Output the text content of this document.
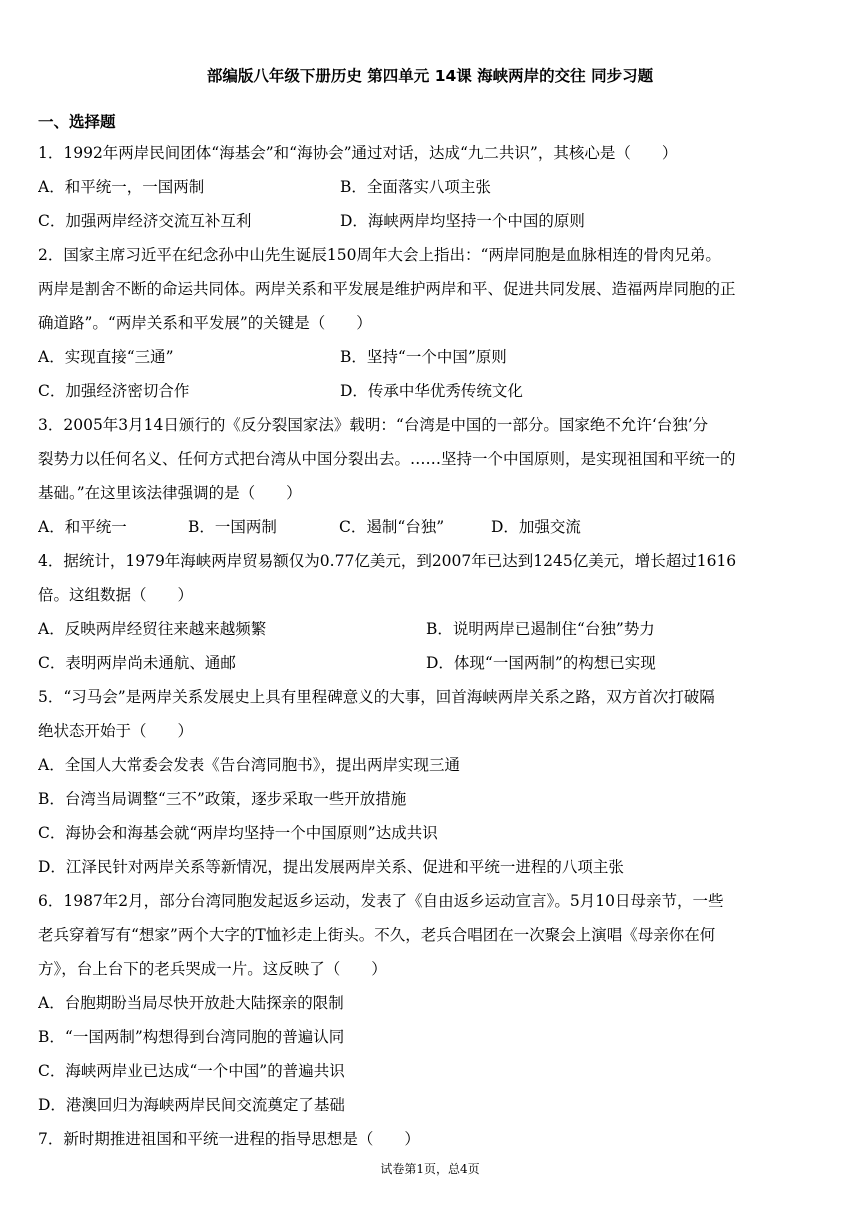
部编版八年级下册历史 第四单元 14课 海峡两岸的交往 同步习题
一、选择题
1．1992年两岸民间团体“海基会”和“海协会”通过对话，达成“九二共识”，其核心是（　　）
A．和平统一，一国两制	B．全面落实八项主张
C．加强两岸经济交流互补互利	D．海峡两岸均坚持一个中国的原则
2．国家主席习近平在纪念孙中山先生诞辰150周年大会上指出：“两岸同胞是血脉相连的骨肉兄弟。
两岸是割舍不断的命运共同体。两岸关系和平发展是维护两岸和平、促进共同发展、造福两岸同胞的正
确道路”。“两岸关系和平发展”的关键是（　　）
A．实现直接“三通”	B．坚持“一个中国”原则
C．加强经济密切合作	D．传承中华优秀传统文化
3．2005年3月14日颁行的《反分裂国家法》载明：“台湾是中国的一部分。国家绝不允许‘台独’分
裂势力以任何名义、任何方式把台湾从中国分裂出去。……坚持一个中国原则，是实现祖国和平统一的
基础。”在这里该法律强调的是（　　）
A．和平统一	B．一国两制	C．遏制“台独”	D．加强交流
4．据统计，1979年海峡两岸贸易额仅为0.77亿美元，到2007年已达到1245亿美元，增长超过1616
倍。这组数据（　　）
A．反映两岸经贸往来越来越频繁	B．说明两岸已遏制住“台独”势力
C．表明两岸尚未通航、通邮	D．体现“一国两制”的构想已实现
5．“习马会”是两岸关系发展史上具有里程碑意义的大事，回首海峡两岸关系之路，双方首次打破隔
绝状态开始于（　　）
A．全国人大常委会发表《告台湾同胞书》，提出两岸实现三通
B．台湾当局调整“三不”政策，逐步采取一些开放措施
C．海协会和海基会就“两岸均坚持一个中国原则”达成共识
D．江泽民针对两岸关系等新情况，提出发展两岸关系、促进和平统一进程的八项主张
6．1987年2月，部分台湾同胞发起返乡运动，发表了《自由返乡运动宣言》。5月10日母亲节，一些
老兵穿着写有“想家”两个大字的T恤衫走上街头。不久，老兵合唱团在一次聚会上演唱《母亲你在何
方》，台上台下的老兵哭成一片。这反映了（　　）
A．台胞期盼当局尽快开放赴大陆探亲的限制
B．“一国两制”构想得到台湾同胞的普遍认同
C．海峡两岸业已达成“一个中国”的普遍共识
D．港澳回归为海峡两岸民间交流奠定了基础
7．新时期推进祖国和平统一进程的指导思想是（　　）
试卷第1页，总4页
